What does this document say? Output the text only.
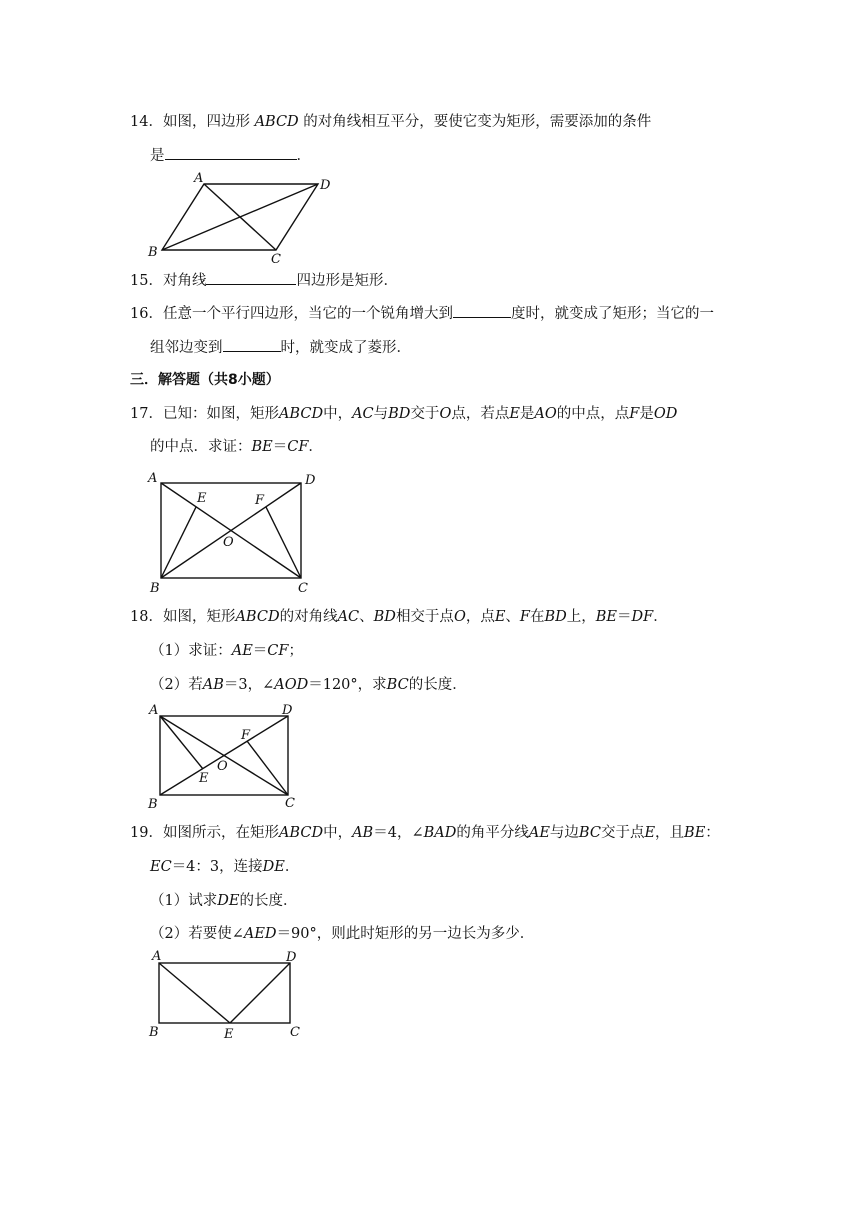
14．如图，四边形 ABCD 的对角线相互平分，要使它变为矩形，需要添加的条件
是	．
A	D
B	C
15．对角线	四边形是矩形．
16．任意一个平行四边形，当它的一个锐角增大到	度时，就变成了矩形；当它的一
组邻边变到	时，就变成了菱形．
三．解答题（共8小题）
17．已知：如图，矩形ABCD中，AC与BD交于O点，若点E是AO的中点，点F是OD
的中点．求证：BE＝CF．
A	D
B	C
E	F
O
18．如图，矩形ABCD的对角线AC、BD相交于点O，点E、F在BD上，BE＝DF．
（1）求证：AE＝CF；
（2）若AB＝3，∠AOD＝120°，求BC的长度．
A	D
B	C
E
F
O
19．如图所示，在矩形ABCD中，AB＝4，∠BAD的角平分线AE与边BC交于点E，且BE：
EC＝4：3，连接DE．
（1）试求DE的长度．
（2）若要使∠AED＝90°，则此时矩形的另一边长为多少．
A	D
B	E	C
